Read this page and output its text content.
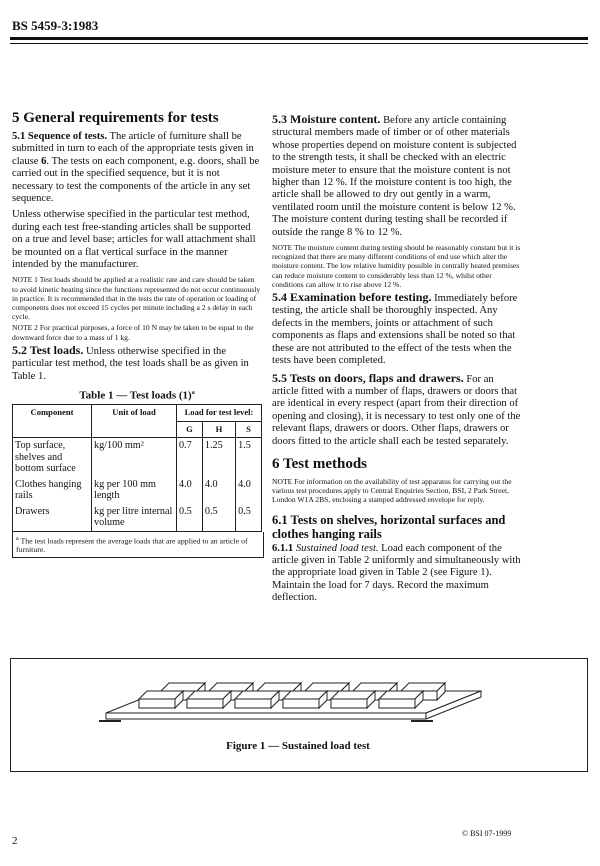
BS 5459-3:1983
5 General requirements for tests

5.1 Sequence of tests. The article of furniture shall be submitted in turn to each of the appropriate tests given in clause 6. The tests on each component, e.g. doors, shall be carried out in the specified sequence, but it is not necessary to test the components of the article in any set sequence.

Unless otherwise specified in the particular test method, during each test free-standing articles shall be supported on a true and level base; articles for wall attachment shall be mounted on a flat vertical surface in the manner intended by the manufacturer.

NOTE 1 Test loads should be applied at a realistic rate and care should be taken to avoid kinetic heating since the functions represented do not occur continuously in practice. It is recommended that in the tests the rate of operation or loading of components does not exceed 15 cycles per minute including a 2 s delay in each cycle.

NOTE 2 For practical purposes, a force of 10 N may be taken to be equal to the downward force due to a mass of 1 kg.

5.2 Test loads. Unless otherwise specified in the particular test method, the test loads shall be as given in Table 1.

Table 1 — Test loads $(1)^a$
Component	Unit of load	Load for test level:		
		G	H	S
Top surface, shelves and bottom surface	kg/100 mm²	0.7	1.25	1.5
Clothes hanging rails	kg per 100 mm length	4.0	4.0	4.0
Drawers	kg per litre internal volume	0.5	0.5	0.5
$^a$ The test loads represent the average loads that are applied to an article of furniture.

5.3 Moisture content. Before any article containing structural members made of timber or of other materials whose properties depend on moisture content is subjected to the strength tests, it shall be checked with an electric moisture meter to ensure that the moisture content is not higher than 12 %. If the moisture content is too high, the article shall be allowed to dry out gently in a warm, ventilated room until the moisture content is below 12 %. The moisture content during testing shall be recorded if outside the range 8 % to 12 %.

NOTE The moisture content during testing should be reasonably constant but it is recognized that there are many different conditions of end use which alter the moisture content. The low relative humidity possible in centrally heated premises can reduce moisture content to considerably less than 12 %, whilst other conditions can allow it to rise above 12 %.

5.4 Examination before testing. Immediately before testing, the article shall be thoroughly inspected. Any defects in the members, joints or attachment of such components as flaps and extensions shall be noted so that these are not attributed to the effect of the tests when the tests have been completed.

5.5 Tests on doors, flaps and drawers. For an article fitted with a number of flaps, drawers or doors that are identical in every respect (apart from their direction of opening and closing), it is necessary to test only one of the relevant flaps, drawers or doors. Other flaps, drawers or doors fitted to the article shall each be tested separately.

6 Test methods

NOTE For information on the availability of test apparatus for carrying out the various test procedures apply to Central Enquiries Section, BSI, 2 Park Street, London W1A 2BS, enclosing a stamped addressed envelope for reply.

6.1 Tests on shelves, horizontal surfaces and clothes hanging rails

6.1.1 Sustained load test. Load each component of the article given in Table 2 uniformly and simultaneously with the appropriate load given in Table 2 (see Figure 1). Maintain the load for 7 days. Record the maximum deflection.

Figure 1 — Sustained load test
2
© BSI 07-1999
